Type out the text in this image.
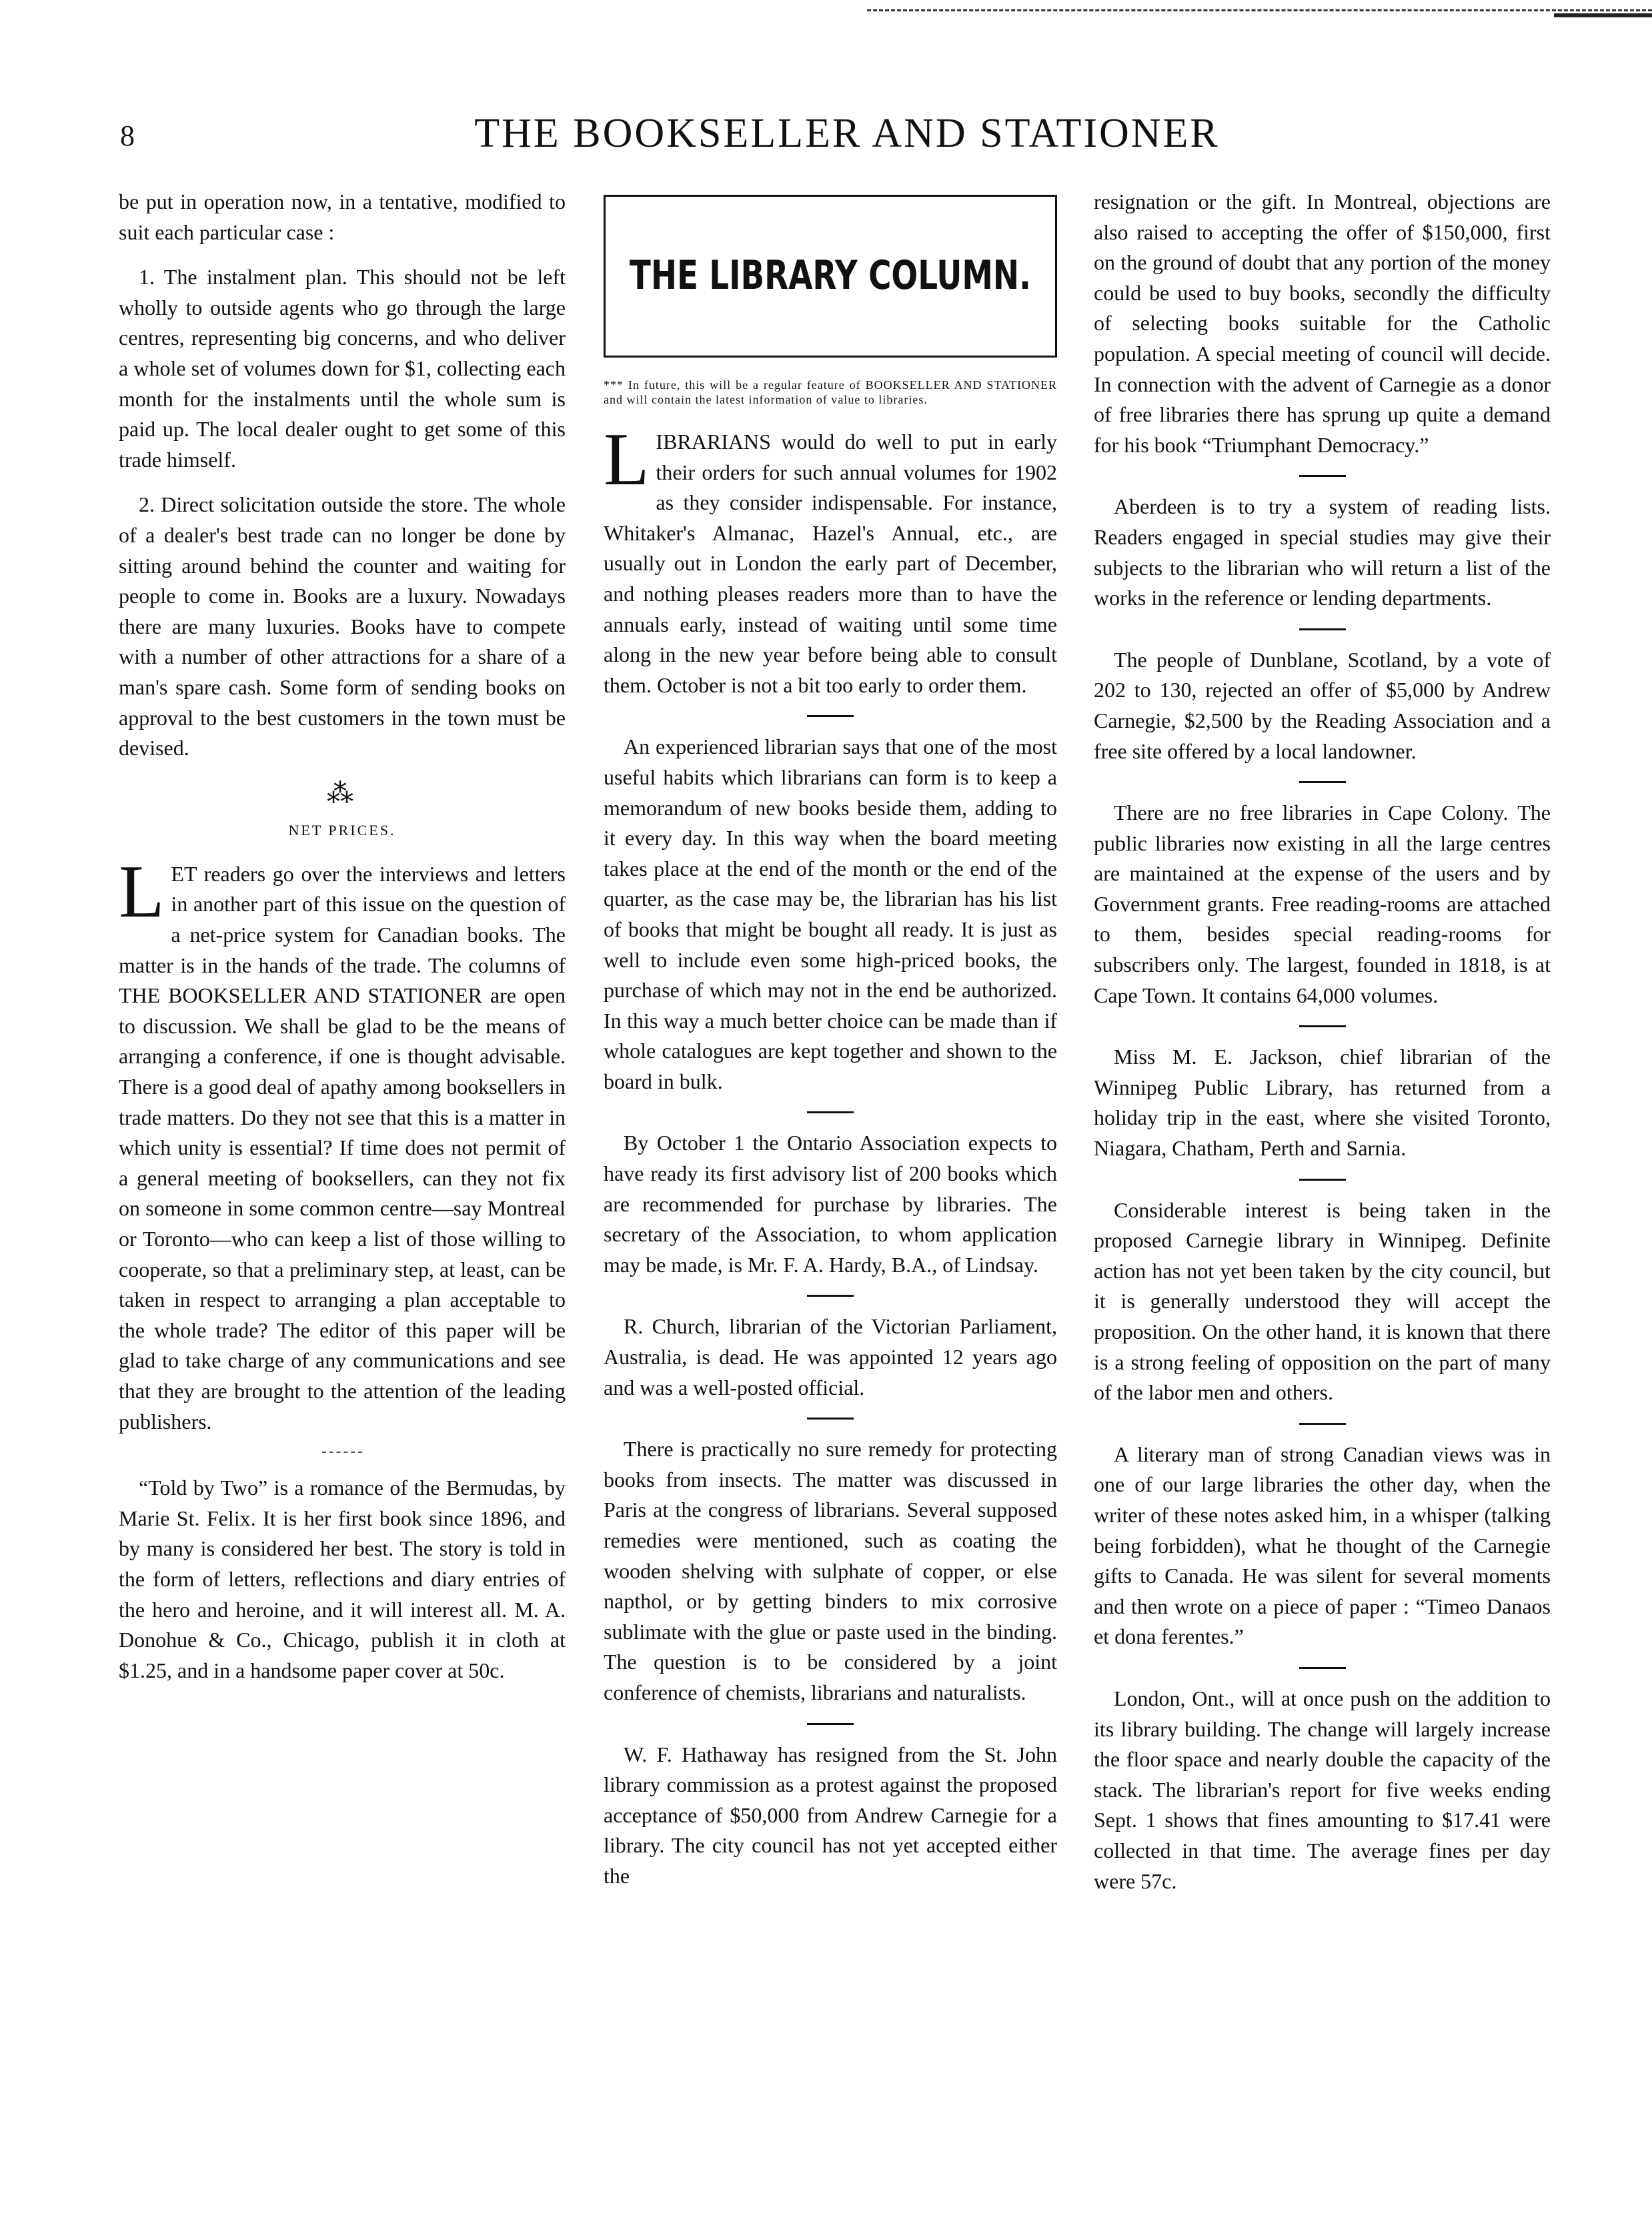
8	THE BOOKSELLER AND STATIONER

be put in operation now, in a tentative, modified to suit each particular case :

1. The instalment plan. This should not be left wholly to outside agents who go through the large centres, representing big concerns, and who deliver a whole set of volumes down for $1, collecting each month for the instalments until the whole sum is paid up. The local dealer ought to get some of this trade himself.

2. Direct solicitation outside the store. The whole of a dealer's best trade can no longer be done by sitting around behind the counter and waiting for people to come in. Books are a luxury. Nowadays there are many luxuries. Books have to compete with a number of other attractions for a share of a man's spare cash. Some form of sending books on approval to the best customers in the town must be devised.

⁂
NET PRICES.

LET readers go over the interviews and letters in another part of this issue on the question of a net-price system for Canadian books. The matter is in the hands of the trade. The columns of THE BOOKSELLER AND STATIONER are open to discussion. We shall be glad to be the means of arranging a conference, if one is thought advisable. There is a good deal of apathy among booksellers in trade matters. Do they not see that this is a matter in which unity is essential? If time does not permit of a general meeting of booksellers, can they not fix on someone in some common centre—say Montreal or Toronto—who can keep a list of those willing to cooperate, so that a preliminary step, at least, can be taken in respect to arranging a plan acceptable to the whole trade? The editor of this paper will be glad to take charge of any communications and see that they are brought to the attention of the leading publishers.

“Told by Two” is a romance of the Bermudas, by Marie St. Felix. It is her first book since 1896, and by many is considered her best. The story is told in the form of letters, reflections and diary entries of the hero and heroine, and it will interest all. M. A. Donohue & Co., Chicago, publish it in cloth at $1.25, and in a handsome paper cover at 50c.

THE LIBRARY COLUMN.
*** In future, this will be a regular feature of BOOKSELLER AND STATIONER and will contain the latest information of value to libraries.

LIBRARIANS would do well to put in early their orders for such annual volumes for 1902 as they consider indispensable. For instance, Whitaker's Almanac, Hazel's Annual, etc., are usually out in London the early part of December, and nothing pleases readers more than to have the annuals early, instead of waiting until some time along in the new year before being able to consult them. October is not a bit too early to order them.

An experienced librarian says that one of the most useful habits which librarians can form is to keep a memorandum of new books beside them, adding to it every day. In this way when the board meeting takes place at the end of the month or the end of the quarter, as the case may be, the librarian has his list of books that might be bought all ready. It is just as well to include even some high-priced books, the purchase of which may not in the end be authorized. In this way a much better choice can be made than if whole catalogues are kept together and shown to the board in bulk.

By October 1 the Ontario Association expects to have ready its first advisory list of 200 books which are recommended for purchase by libraries. The secretary of the Association, to whom application may be made, is Mr. F. A. Hardy, B.A., of Lindsay.

R. Church, librarian of the Victorian Parliament, Australia, is dead. He was appointed 12 years ago and was a well-posted official.

There is practically no sure remedy for protecting books from insects. The matter was discussed in Paris at the congress of librarians. Several supposed remedies were mentioned, such as coating the wooden shelving with sulphate of copper, or else napthol, or by getting binders to mix corrosive sublimate with the glue or paste used in the binding. The question is to be considered by a joint conference of chemists, librarians and naturalists.

W. F. Hathaway has resigned from the St. John library commission as a protest against the proposed acceptance of $50,000 from Andrew Carnegie for a library. The city council has not yet accepted either the

resignation or the gift. In Montreal, objections are also raised to accepting the offer of $150,000, first on the ground of doubt that any portion of the money could be used to buy books, secondly the difficulty of selecting books suitable for the Catholic population. A special meeting of council will decide. In connection with the advent of Carnegie as a donor of free libraries there has sprung up quite a demand for his book “Triumphant Democracy.”

Aberdeen is to try a system of reading lists. Readers engaged in special studies may give their subjects to the librarian who will return a list of the works in the reference or lending departments.

The people of Dunblane, Scotland, by a vote of 202 to 130, rejected an offer of $5,000 by Andrew Carnegie, $2,500 by the Reading Association and a free site offered by a local landowner.

There are no free libraries in Cape Colony. The public libraries now existing in all the large centres are maintained at the expense of the users and by Government grants. Free reading-rooms are attached to them, besides special reading-rooms for subscribers only. The largest, founded in 1818, is at Cape Town. It contains 64,000 volumes.

Miss M. E. Jackson, chief librarian of the Winnipeg Public Library, has returned from a holiday trip in the east, where she visited Toronto, Niagara, Chatham, Perth and Sarnia.

Considerable interest is being taken in the proposed Carnegie library in Winnipeg. Definite action has not yet been taken by the city council, but it is generally understood they will accept the proposition. On the other hand, it is known that there is a strong feeling of opposition on the part of many of the labor men and others.

A literary man of strong Canadian views was in one of our large libraries the other day, when the writer of these notes asked him, in a whisper (talking being forbidden), what he thought of the Carnegie gifts to Canada. He was silent for several moments and then wrote on a piece of paper : “Timeo Danaos et dona ferentes.”

London, Ont., will at once push on the addition to its library building. The change will largely increase the floor space and nearly double the capacity of the stack. The librarian's report for five weeks ending Sept. 1 shows that fines amounting to $17.41 were collected in that time. The average fines per day were 57c.
